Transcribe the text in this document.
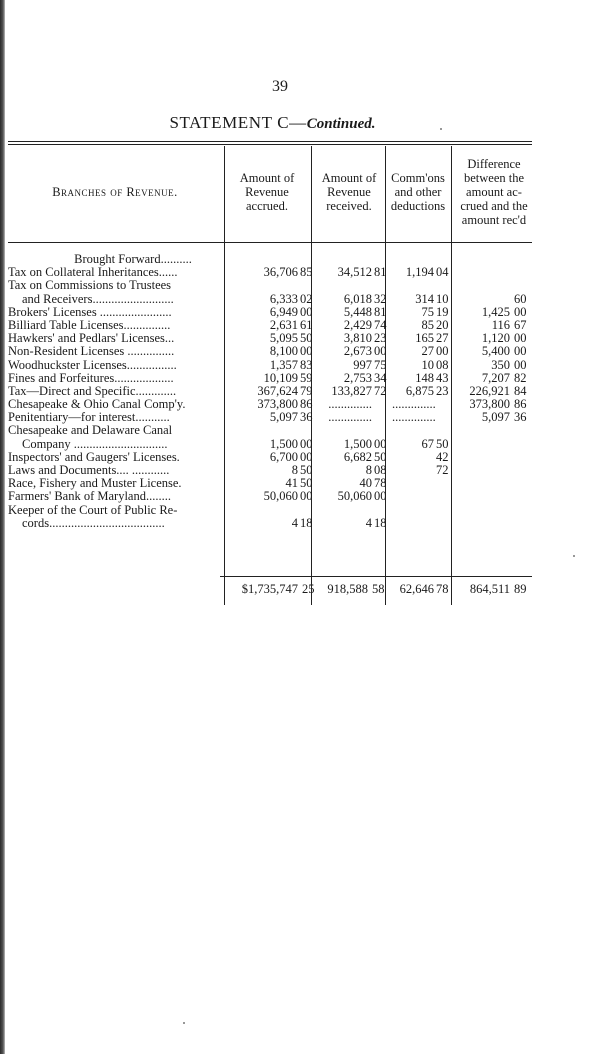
39
STATEMENT C—Continued.
Branches of Revenue.
Amount of
Revenue
accrued.
Amount of
Revenue
received.
Comm'ons
and other
deductions
Difference
between the
amount ac-
crued and the
amount rec'd
Brought Forward..........
Tax on Collateral Inheritances......	36,706 85	34,512 81	1,194 04
Tax on Commissions to Trustees
and Receivers..........................	6,333 02	6,018 32	314 10	60
Brokers' Licenses .......................	6,949 00	5,448 81	75 19	1,425 00
Billiard Table Licenses...............	2,631 61	2,429 74	85 20	116 67
Hawkers' and Pedlars' Licenses...	5,095 50	3,810 23	165 27	1,120 00
Non-Resident Licenses ...............	8,100 00	2,673 00	27 00	5,400 00
Woodhuckster Licenses................	1,357 83	997 75	10 08	350 00
Fines and Forfeitures...................	10,109 59	2,753 34	148 43	7,207 82
Tax—Direct and Specific.............	367,624 79	133,827 72	6,875 23	226,921 84
Chesapeake & Ohio Canal Comp'y.	373,800 86	.............. ..............	373,800 86
Penitentiary—for interest...........	5,097 36	.............. ..............	5,097 36
Chesapeake and Delaware Canal
Company ..............................	1,500 00	1,500 00	67 50
Inspectors' and Gaugers' Licenses.	6,700 00	6,682 50	42
Laws and Documents.... ............	8 50	8 08	72
Race, Fishery and Muster License.	41 50	40 78
Farmers' Bank of Maryland........	50,060 00	50,060 00
Keeper of the Court of Public Re-
cords.....................................	4 18	4 18
$1,735,747 25	918,588 58	62,646 78	864,511 89
